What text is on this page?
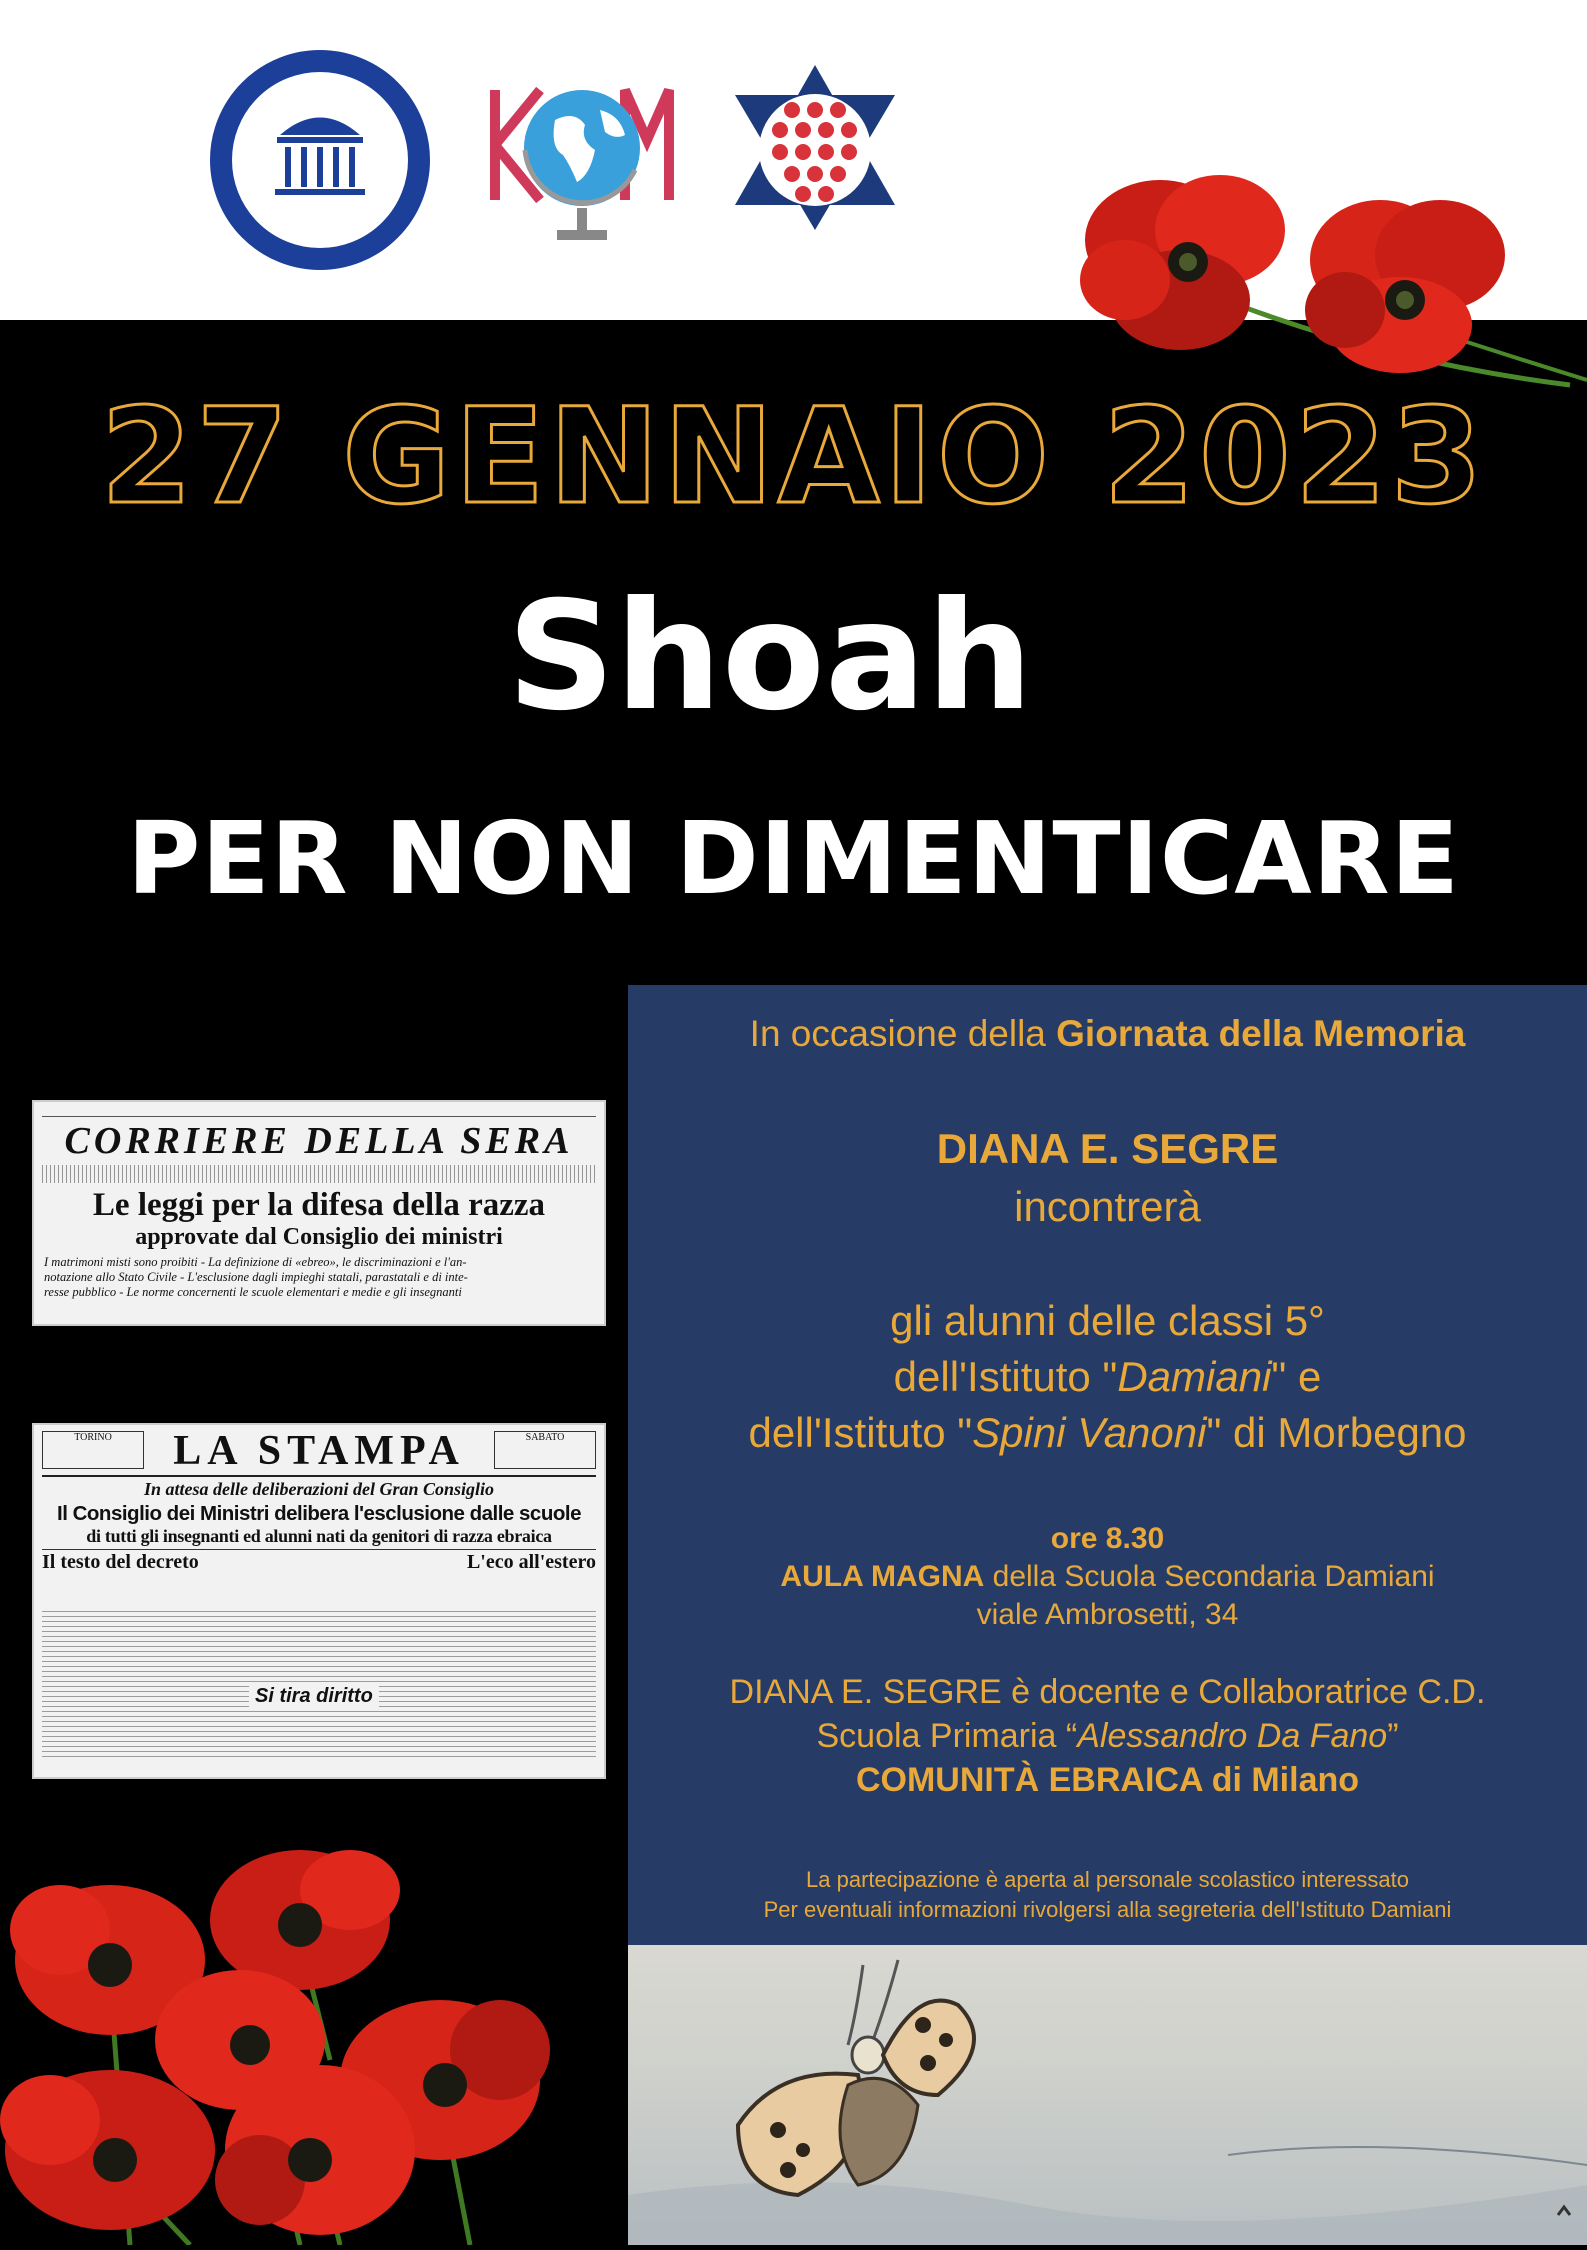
27 GENNAIO 2023
Shoah
PER NON DIMENTICARE
CORRIERE DELLA SERA
Le leggi per la difesa della razza
approvate dal Consiglio dei ministri
I matrimoni misti sono proibiti - La definizione di «ebreo», le discriminazioni e l'an-
notazione allo Stato Civile - L'esclusione dagli impieghi statali, parastatali e di inte-
resse pubblico - Le norme concernenti le scuole elementari e medie e gli insegnanti
TORINO	SABATO
LA STAMPA
In attesa delle deliberazioni del Gran Consiglio
Il Consiglio dei Ministri delibera l'esclusione dalle scuole
di tutti gli insegnanti ed alunni nati da genitori di razza ebraica
Il testo del decreto	L'eco all'estero
Si tira diritto
In occasione della Giornata della Memoria
DIANA E. SEGRE
incontrerà
gli alunni delle classi 5°
dell'Istituto "Damiani" e
dell'Istituto "Spini Vanoni" di Morbegno
ore 8.30
AULA MAGNA della Scuola Secondaria Damiani
viale Ambrosetti, 34
DIANA E. SEGRE è docente e Collaboratrice C.D.
Scuola Primaria “Alessandro Da Fano”
COMUNITÀ EBRAICA di Milano
La partecipazione è aperta al personale scolastico interessato
Per eventuali informazioni rivolgersi alla segreteria dell'Istituto Damiani
